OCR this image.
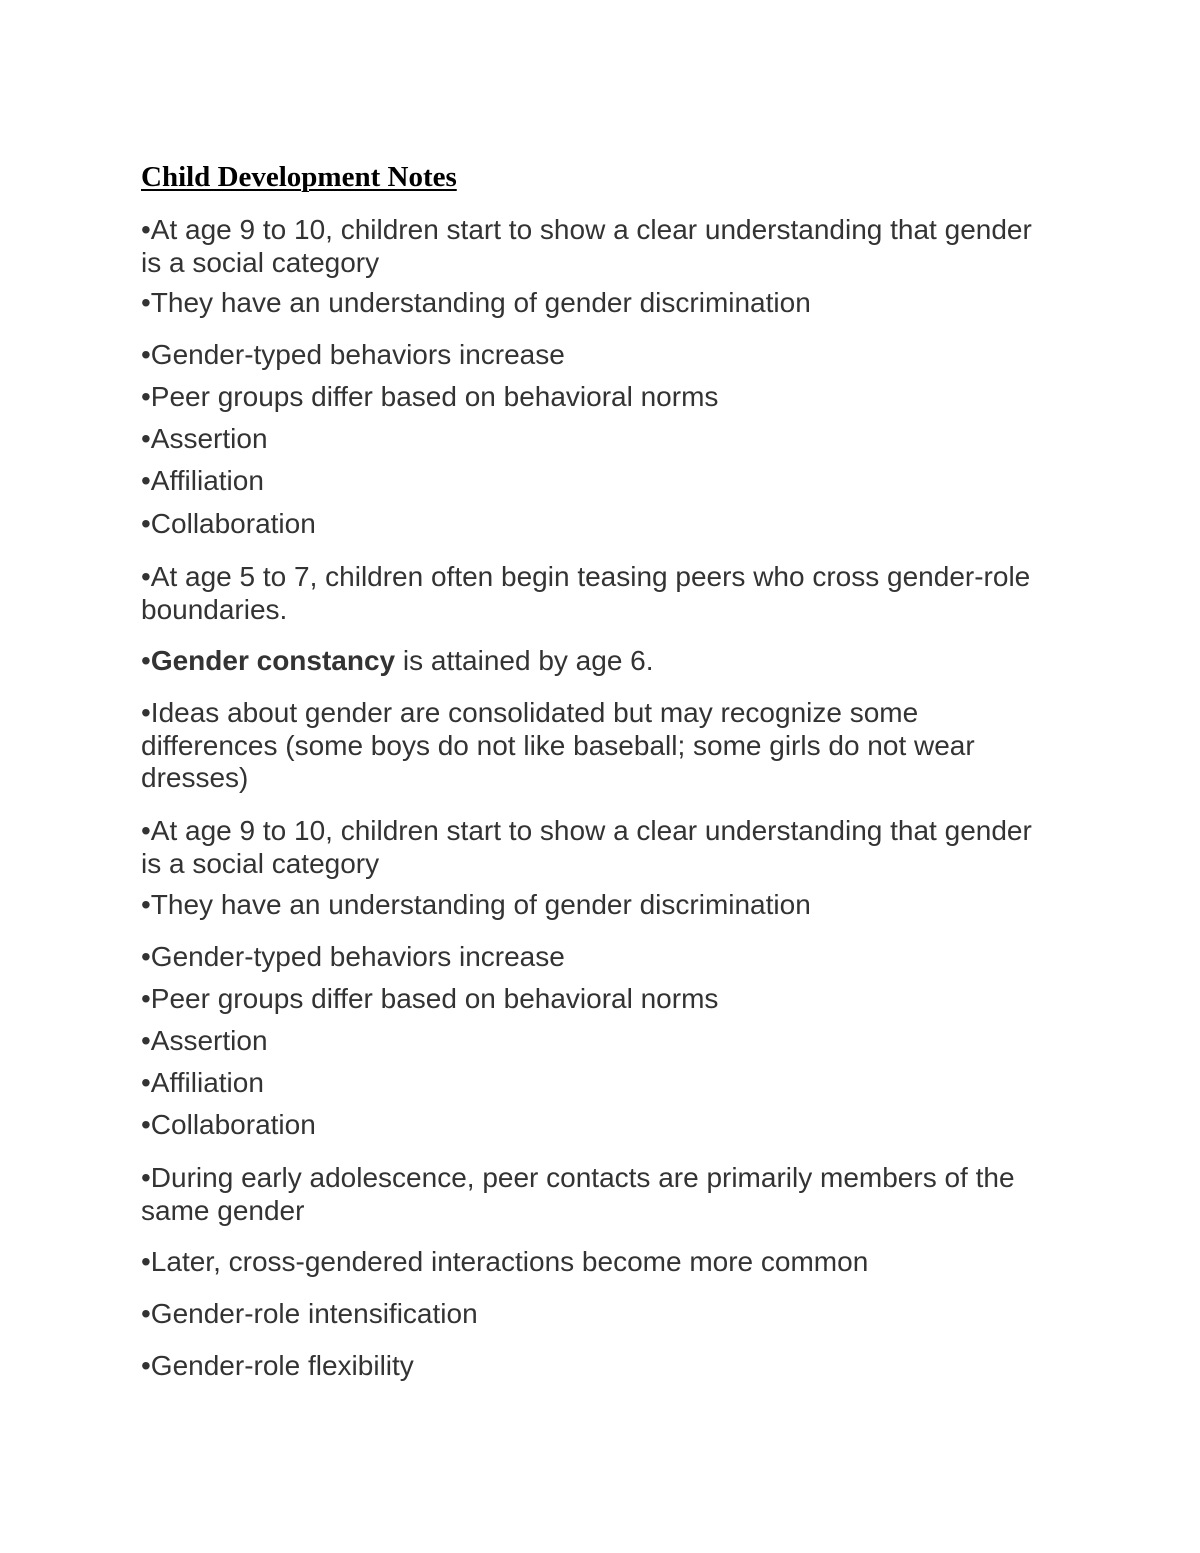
Child Development Notes

•At age 9 to 10, children start to show a clear understanding that gender is a social category

•They have an understanding of gender discrimination

•Gender-typed behaviors increase

•Peer groups differ based on behavioral norms

•Assertion

•Affiliation

•Collaboration

•At age 5 to 7, children often begin teasing peers who cross gender-role boundaries.

•Gender constancy is attained by age 6.

•Ideas about gender are consolidated but may recognize some differences (some boys do not like baseball; some girls do not wear dresses)

•At age 9 to 10, children start to show a clear understanding that gender is a social category

•They have an understanding of gender discrimination

•Gender-typed behaviors increase

•Peer groups differ based on behavioral norms

•Assertion

•Affiliation

•Collaboration

•During early adolescence, peer contacts are primarily members of the same gender

•Later, cross-gendered interactions become more common

•Gender-role intensification

•Gender-role flexibility
